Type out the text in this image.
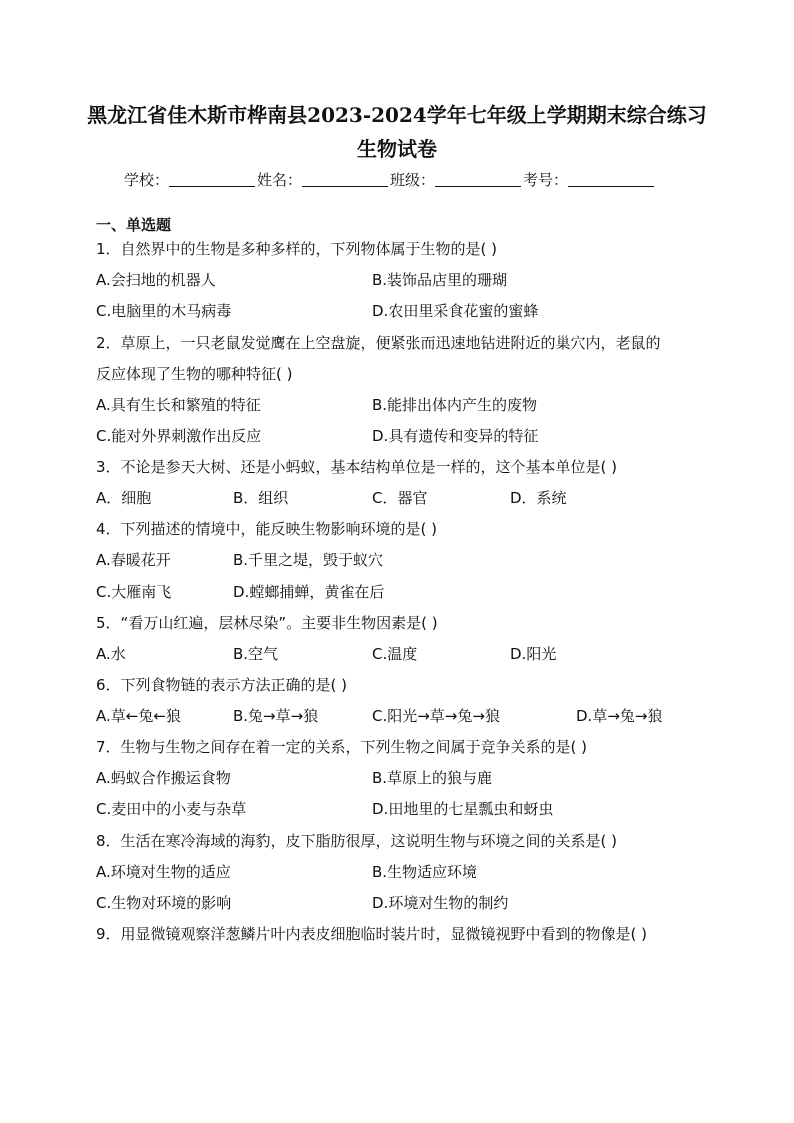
黑龙江省佳木斯市桦南县2023-2024学年七年级上学期期末综合练习
生物试卷
学校：	姓名：	班级：	考号：
一、单选题
1．自然界中的生物是多种多样的，下列物体属于生物的是( )
A.会扫地的机器人	B.装饰品店里的珊瑚
C.电脑里的木马病毒	D.农田里采食花蜜的蜜蜂
2．草原上，一只老鼠发觉鹰在上空盘旋，便紧张而迅速地钻进附近的巢穴内，老鼠的
反应体现了生物的哪种特征( )
A.具有生长和繁殖的特征	B.能排出体内产生的废物
C.能对外界刺激作出反应	D.具有遗传和变异的特征
3．不论是参天大树、还是小蚂蚁，基本结构单位是一样的，这个基本单位是( )
A．细胞	B．组织	C．器官	D．系统
4．下列描述的情境中，能反映生物影响环境的是( )
A.春暖花开	B.千里之堤，毁于蚁穴
C.大雁南飞	D.螳螂捕蝉，黄雀在后
5．“看万山红遍，层林尽染”。主要非生物因素是( )
A.水	B.空气	C.温度	D.阳光
6．下列食物链的表示方法正确的是( )
A.草←兔←狼	B.兔→草→狼	C.阳光→草→兔→狼	D.草→兔→狼
7．生物与生物之间存在着一定的关系，下列生物之间属于竞争关系的是( )
A.蚂蚁合作搬运食物	B.草原上的狼与鹿
C.麦田中的小麦与杂草	D.田地里的七星瓢虫和蚜虫
8．生活在寒冷海域的海豹，皮下脂肪很厚，这说明生物与环境之间的关系是( )
A.环境对生物的适应	B.生物适应环境
C.生物对环境的影响	D.环境对生物的制约
9．用显微镜观察洋葱鳞片叶内表皮细胞临时装片时，显微镜视野中看到的物像是( )
